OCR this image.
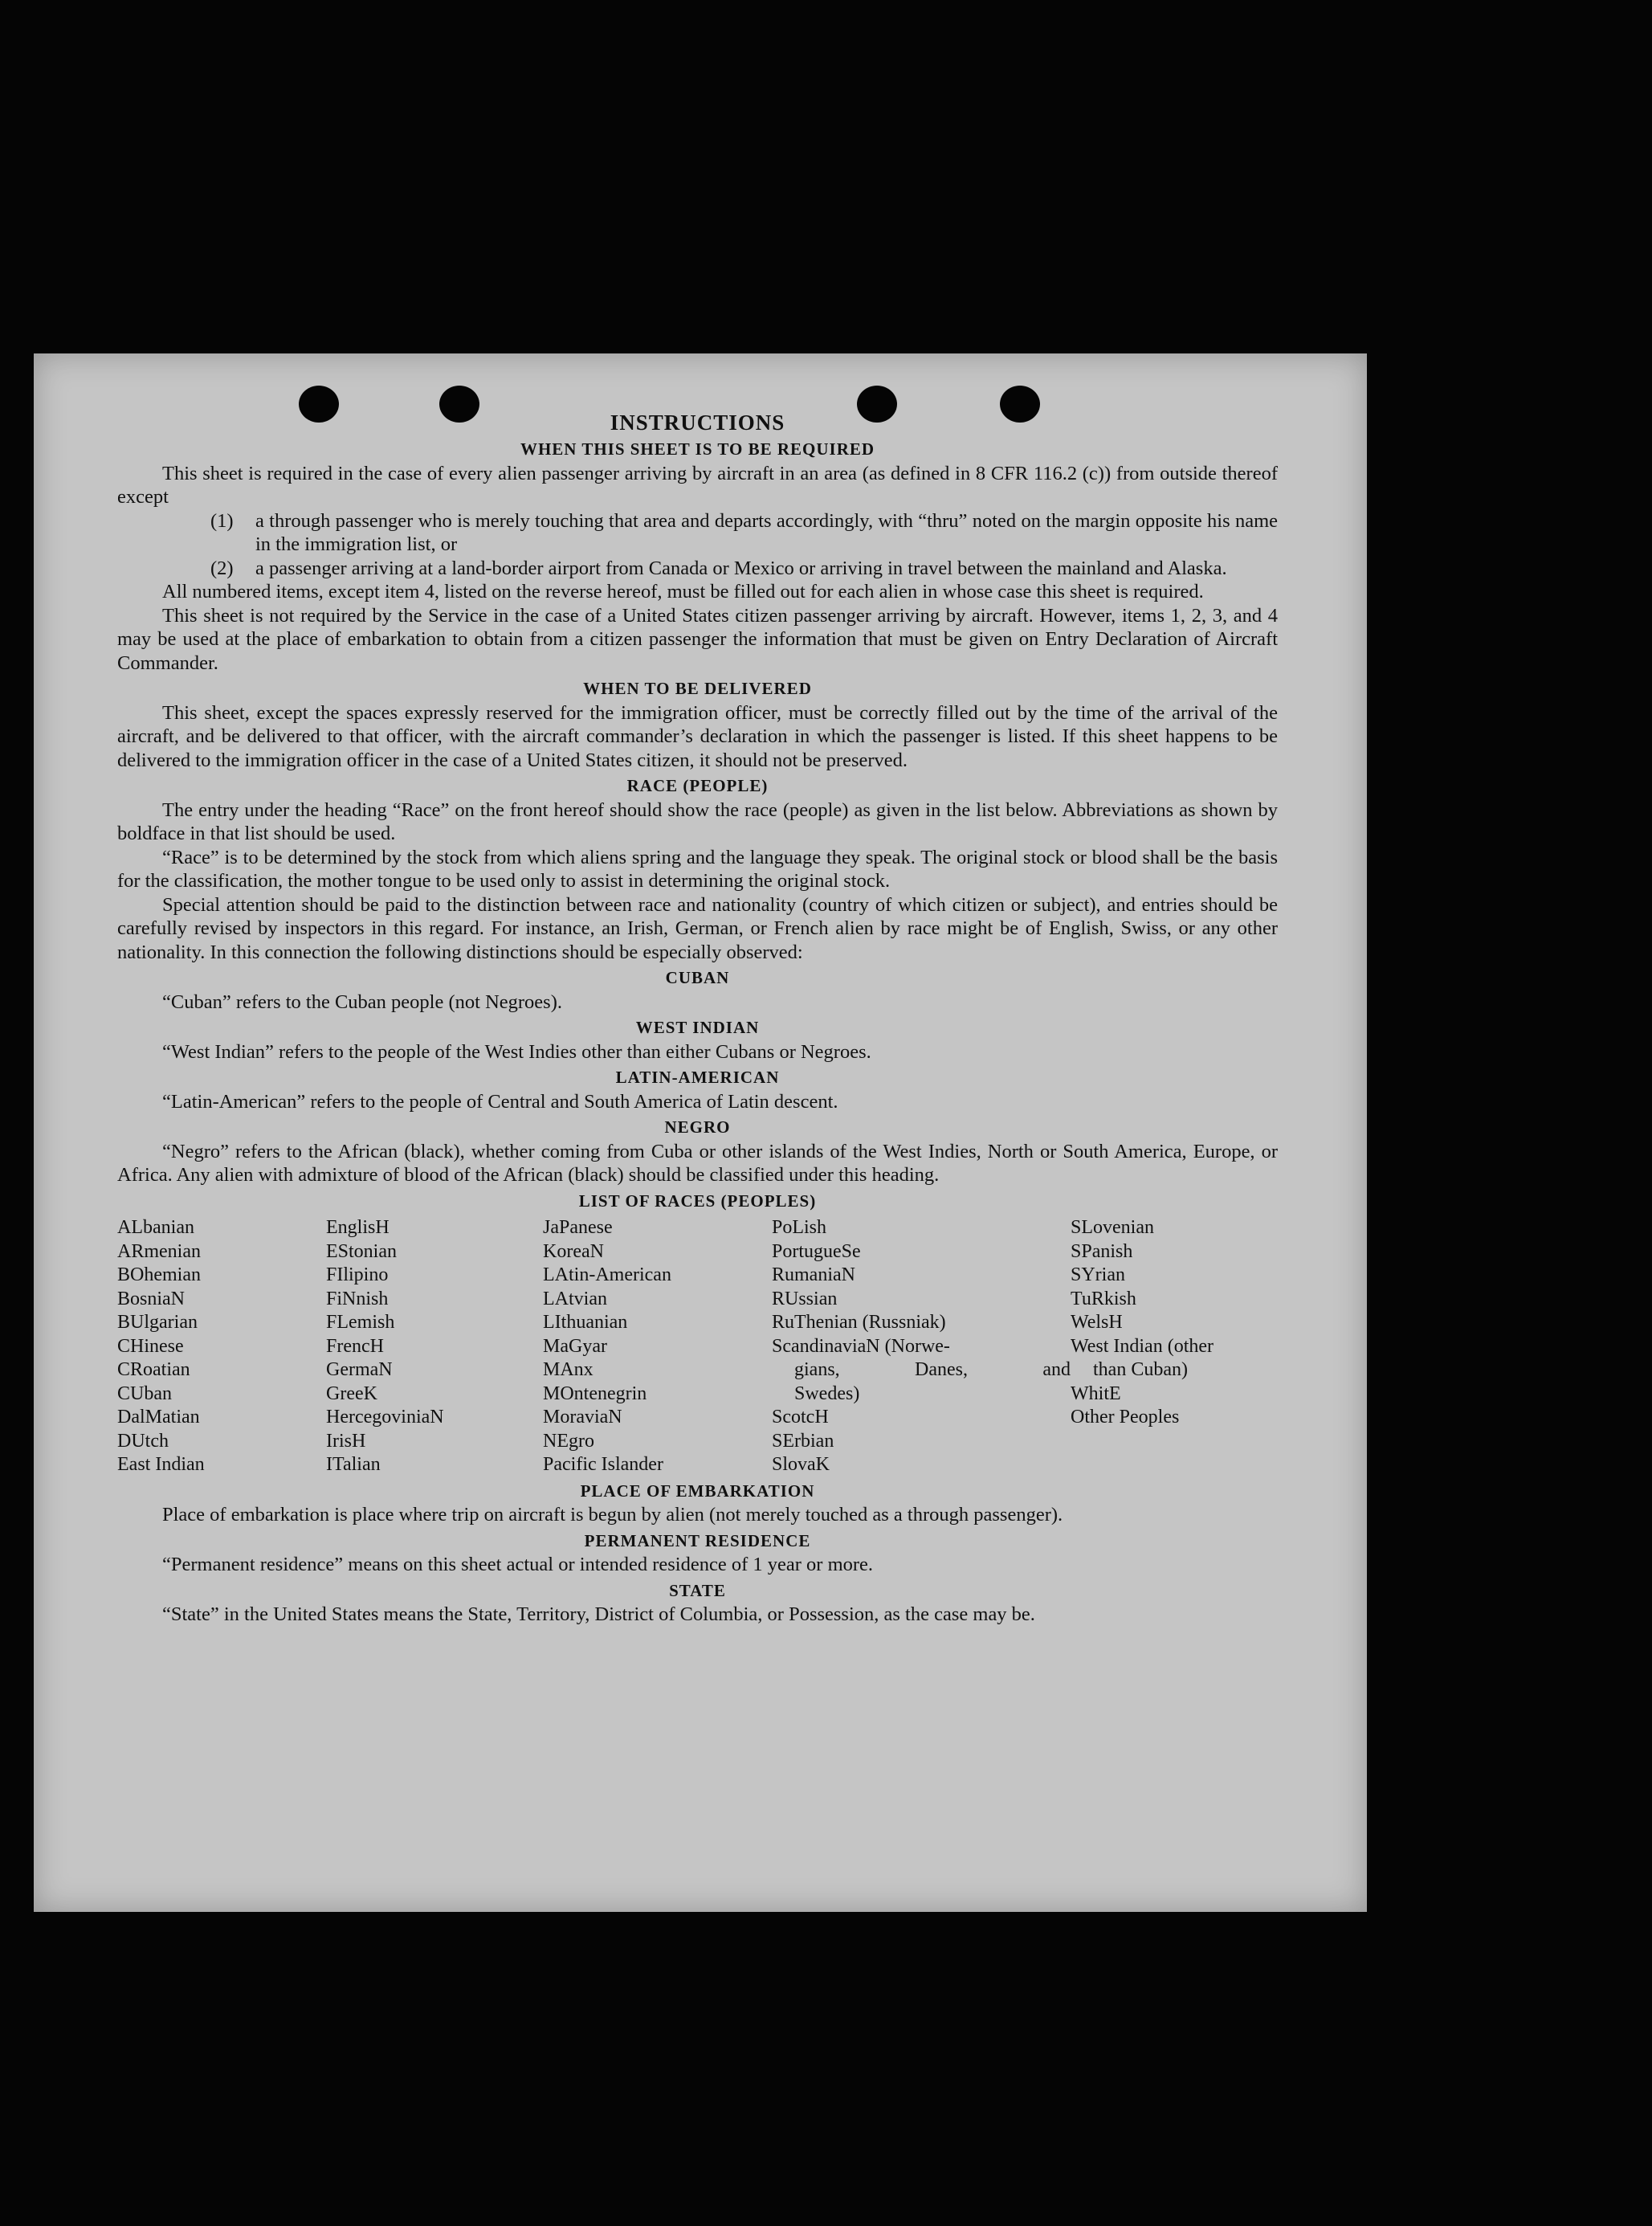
INSTRUCTIONS
WHEN THIS SHEET IS TO BE REQUIRED

This sheet is required in the case of every alien passenger arriving by aircraft in an area (as defined in 8 CFR 116.2 (c)) from outside thereof except

(1)	a through passenger who is merely touching that area and departs accordingly, with “thru” noted on the margin opposite his name in the immigration list, or
(2)	a passenger arriving at a land-border airport from Canada or Mexico or arriving in travel between the mainland and Alaska.

All numbered items, except item 4, listed on the reverse hereof, must be filled out for each alien in whose case this sheet is required.

This sheet is not required by the Service in the case of a United States citizen passenger arriving by aircraft. However, items 1, 2, 3, and 4 may be used at the place of embarkation to obtain from a citizen passenger the information that must be given on Entry Declaration of Aircraft Commander.

WHEN TO BE DELIVERED

This sheet, except the spaces expressly reserved for the immigration officer, must be correctly filled out by the time of the arrival of the aircraft, and be delivered to that officer, with the aircraft commander’s declaration in which the passenger is listed. If this sheet happens to be delivered to the immigration officer in the case of a United States citizen, it should not be preserved.

RACE (PEOPLE)

The entry under the heading “Race” on the front hereof should show the race (people) as given in the list below. Abbreviations as shown by boldface in that list should be used.

“Race” is to be determined by the stock from which aliens spring and the language they speak. The original stock or blood shall be the basis for the classification, the mother tongue to be used only to assist in determining the original stock.

Special attention should be paid to the distinction between race and nationality (country of which citizen or subject), and entries should be carefully revised by inspectors in this regard. For instance, an Irish, German, or French alien by race might be of English, Swiss, or any other nationality. In this connection the following distinctions should be especially observed:

CUBAN

“Cuban” refers to the Cuban people (not Negroes).

WEST INDIAN

“West Indian” refers to the people of the West Indies other than either Cubans or Negroes.

LATIN-AMERICAN

“Latin-American” refers to the people of Central and South America of Latin descent.

NEGRO

“Negro” refers to the African (black), whether coming from Cuba or other islands of the West Indies, North or South America, Europe, or Africa. Any alien with admixture of blood of the African (black) should be classified under this heading.

LIST OF RACES (PEOPLES)
ALbanian
ARmenian
BOhemian
BosniaN
BUlgarian
CHinese
CRoatian
CUban
DalMatian
DUtch
East Indian
EnglisH
EStonian
FIlipino
FiNnish
FLemish
FrencH
GermaN
GreeK
HercegoviniaN
IrisH
ITalian
JaPanese
KoreaN
LAtin-American
LAtvian
LIthuanian
MaGyar
MAnx
MOntenegrin
MoraviaN
NEgro
Pacific Islander
PoLish
PortugueSe
RumaniaN
RUssian
RuThenian (Russniak)
ScandinaviaN (Norwe-
gians,	Danes,	and
Swedes)
ScotcH
SErbian
SlovaK
SLovenian
SPanish
SYrian
TuRkish
WelsH
West Indian (other
than Cuban)
WhitE
Other Peoples
PLACE OF EMBARKATION

Place of embarkation is place where trip on aircraft is begun by alien (not merely touched as a through passenger).

PERMANENT RESIDENCE

“Permanent residence” means on this sheet actual or intended residence of 1 year or more.

STATE

“State” in the United States means the State, Territory, District of Columbia, or Possession, as the case may be.
